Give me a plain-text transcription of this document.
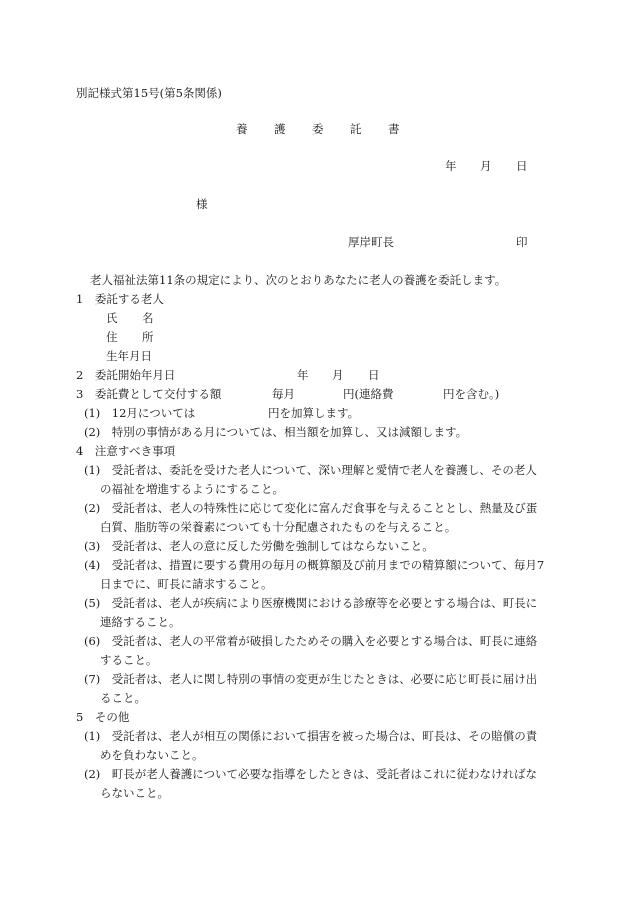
別記様式第15号(第5条関係)
養 護 委 託 書
年 月 日
様
厚岸町長	印
老人福祉法第11条の規定により、次のとおりあなたに老人の養護を委託します。
1　委託する老人
氏 名
住 所
生年月日
2　委託開始年月日	年 月 日
3　委託費として交付する額	毎月	円(連絡費	円を含む。)
(1)　12月については	円を加算します。
(2)　特別の事情がある月については、相当額を加算し、又は減額します。
4　注意すべき事項
(1)　受託者は、委託を受けた老人について、深い理解と愛情で老人を養護し、その老人
の福祉を増進するようにすること。
(2)　受託者は、老人の特殊性に応じて変化に富んだ食事を与えることとし、熱量及び蛋
白質、脂肪等の栄養素についても十分配慮されたものを与えること。
(3)　受託者は、老人の意に反した労働を強制してはならないこと。
(4)　受託者は、措置に要する費用の毎月の概算額及び前月までの精算額について、毎月7
日までに、町長に請求すること。
(5)　受託者は、老人が疾病により医療機関における診療等を必要とする場合は、町長に
連絡すること。
(6)　受託者は、老人の平常着が破損したためその購入を必要とする場合は、町長に連絡
すること。
(7)　受託者は、老人に関し特別の事情の変更が生じたときは、必要に応じ町長に届け出
ること。
5　その他
(1)　受託者は、老人が相互の関係において損害を被った場合は、町長は、その賠償の責
めを負わないこと。
(2)　町長が老人養護について必要な指導をしたときは、受託者はこれに従わなければな
らないこと。
